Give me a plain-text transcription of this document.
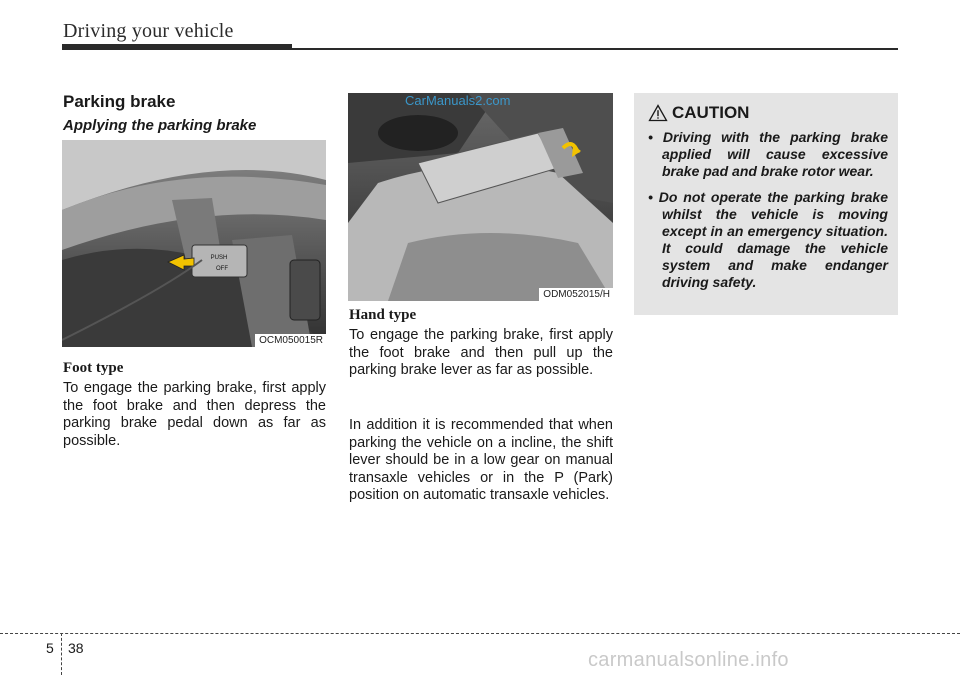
Driving your vehicle
Parking brake
Applying the parking brake
PUSH
OFF
OCM050015R
Foot type
To engage the parking brake, first apply the foot brake and then depress the parking brake pedal down as far as possible.
ODM052015/H
Hand type
To engage the parking brake, first apply the foot brake and then pull up the parking brake lever as far as possible.
In addition it is recommended that when parking the vehicle on a incline, the shift lever should be in a low gear on manual transaxle vehicles or in the P (Park) position on automatic transaxle vehicles.
CAUTION
• Driving with the parking brake applied will cause excessive brake pad and brake rotor wear.
• Do not operate the parking brake whilst the vehicle is moving except in an emergency situation. It could damage the vehicle system and make endanger driving safety.
CarManuals2.com
carmanualsonline.info
5 38
